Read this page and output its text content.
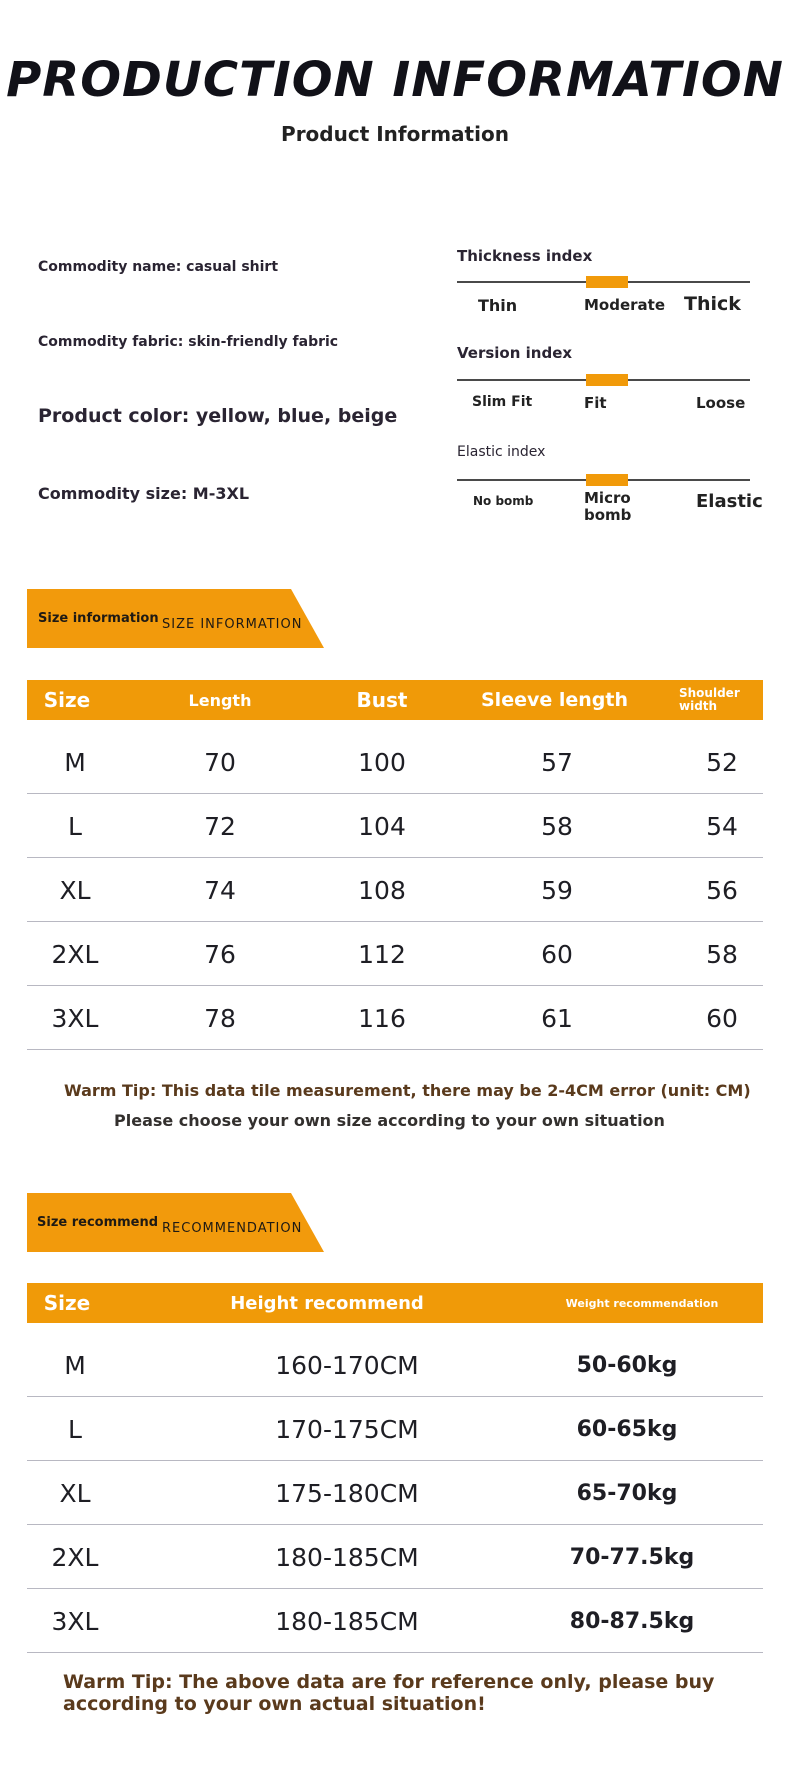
PRODUCTION INFORMATION
Product Information
Commodity name: casual shirt
Commodity fabric: skin-friendly fabric
Product color: yellow, blue, beige
Commodity size: M-3XL
Thickness index
Thin	Moderate Thick
Version index
Slim Fit	Fit	Loose
Elastic index
No bomb	Micro bomb
Elastic
Size information SIZE INFORMATION
Size	Length	Bust	Sleeve length	Shoulder width
M	70	100	57	52
L	72	104	58	54
XL	74	108	59	56
2XL	76	112	60	58
3XL	78	116	61	60
Warm Tip: This data tile measurement, there may be 2-4CM error (unit: CM)
Please choose your own size according to your own situation
Size recommend RECOMMENDATION
Size	Height recommend	Weight recommendation
M	160-170CM	50-60kg
L	170-175CM	60-65kg
XL	175-180CM	65-70kg
2XL	180-185CM	70-77.5kg
3XL	180-185CM	80-87.5kg
Warm Tip: The above data are for reference only, please buy
according to your own actual situation!
